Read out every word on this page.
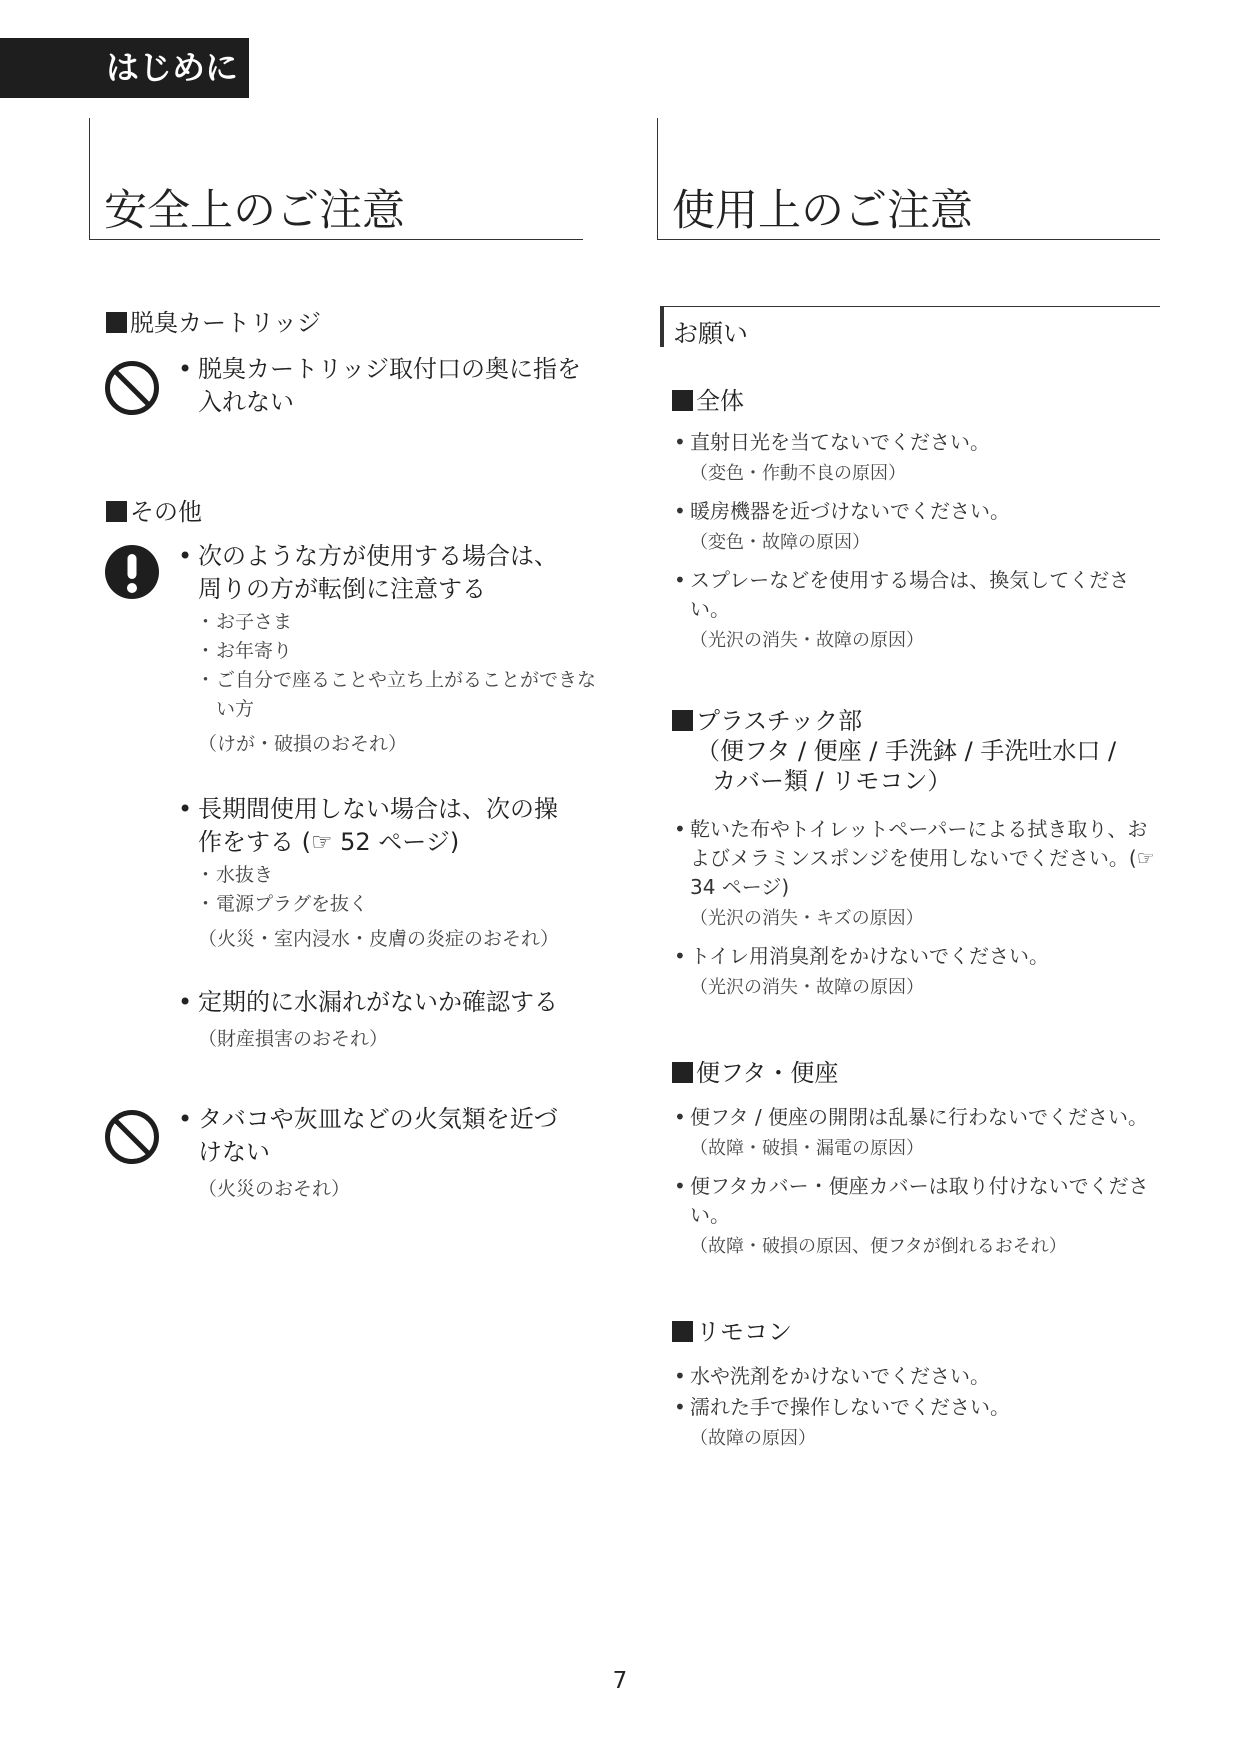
はじめに
安全上のご注意	使用上のご注意
脱臭カートリッジ
• 脱臭カートリッジ取付口の奥に指を
入れない
その他
• 次のような方が使用する場合は、
周りの方が転倒に注意する
・ お子さま
・ お年寄り
・ ご自分で座ることや立ち上がることができない方
（けが・破損のおそれ）
• 長期間使用しない場合は、次の操
作をする (☞ 52 ページ)
・ 水抜き
・ 電源プラグを抜く
（火災・室内浸水・皮膚の炎症のおそれ）
• 定期的に水漏れがないか確認する
（財産損害のおそれ）
• タバコや灰皿などの火気類を近づ
けない
（火災のおそれ）
お願い
全体
• 直射日光を当てないでください。
（変色・作動不良の原因）
• 暖房機器を近づけないでください。
（変色・故障の原因）
• スプレーなどを使用する場合は、換気してください。
（光沢の消失・故障の原因）
プラスチック部
（便フタ / 便座 / 手洗鉢 / 手洗吐水口 /
カバー類 / リモコン）
• 乾いた布やトイレットペーパーによる拭き取り、およびメラミンスポンジを使用しないでください。(☞ 34 ページ)
（光沢の消失・キズの原因）
• トイレ用消臭剤をかけないでください。
（光沢の消失・故障の原因）
便フタ・便座
• 便フタ / 便座の開閉は乱暴に行わないでください。
（故障・破損・漏電の原因）
• 便フタカバー・便座カバーは取り付けないでください。
（故障・破損の原因、便フタが倒れるおそれ）
リモコン
• 水や洗剤をかけないでください。
• 濡れた手で操作しないでください。
（故障の原因）
7
